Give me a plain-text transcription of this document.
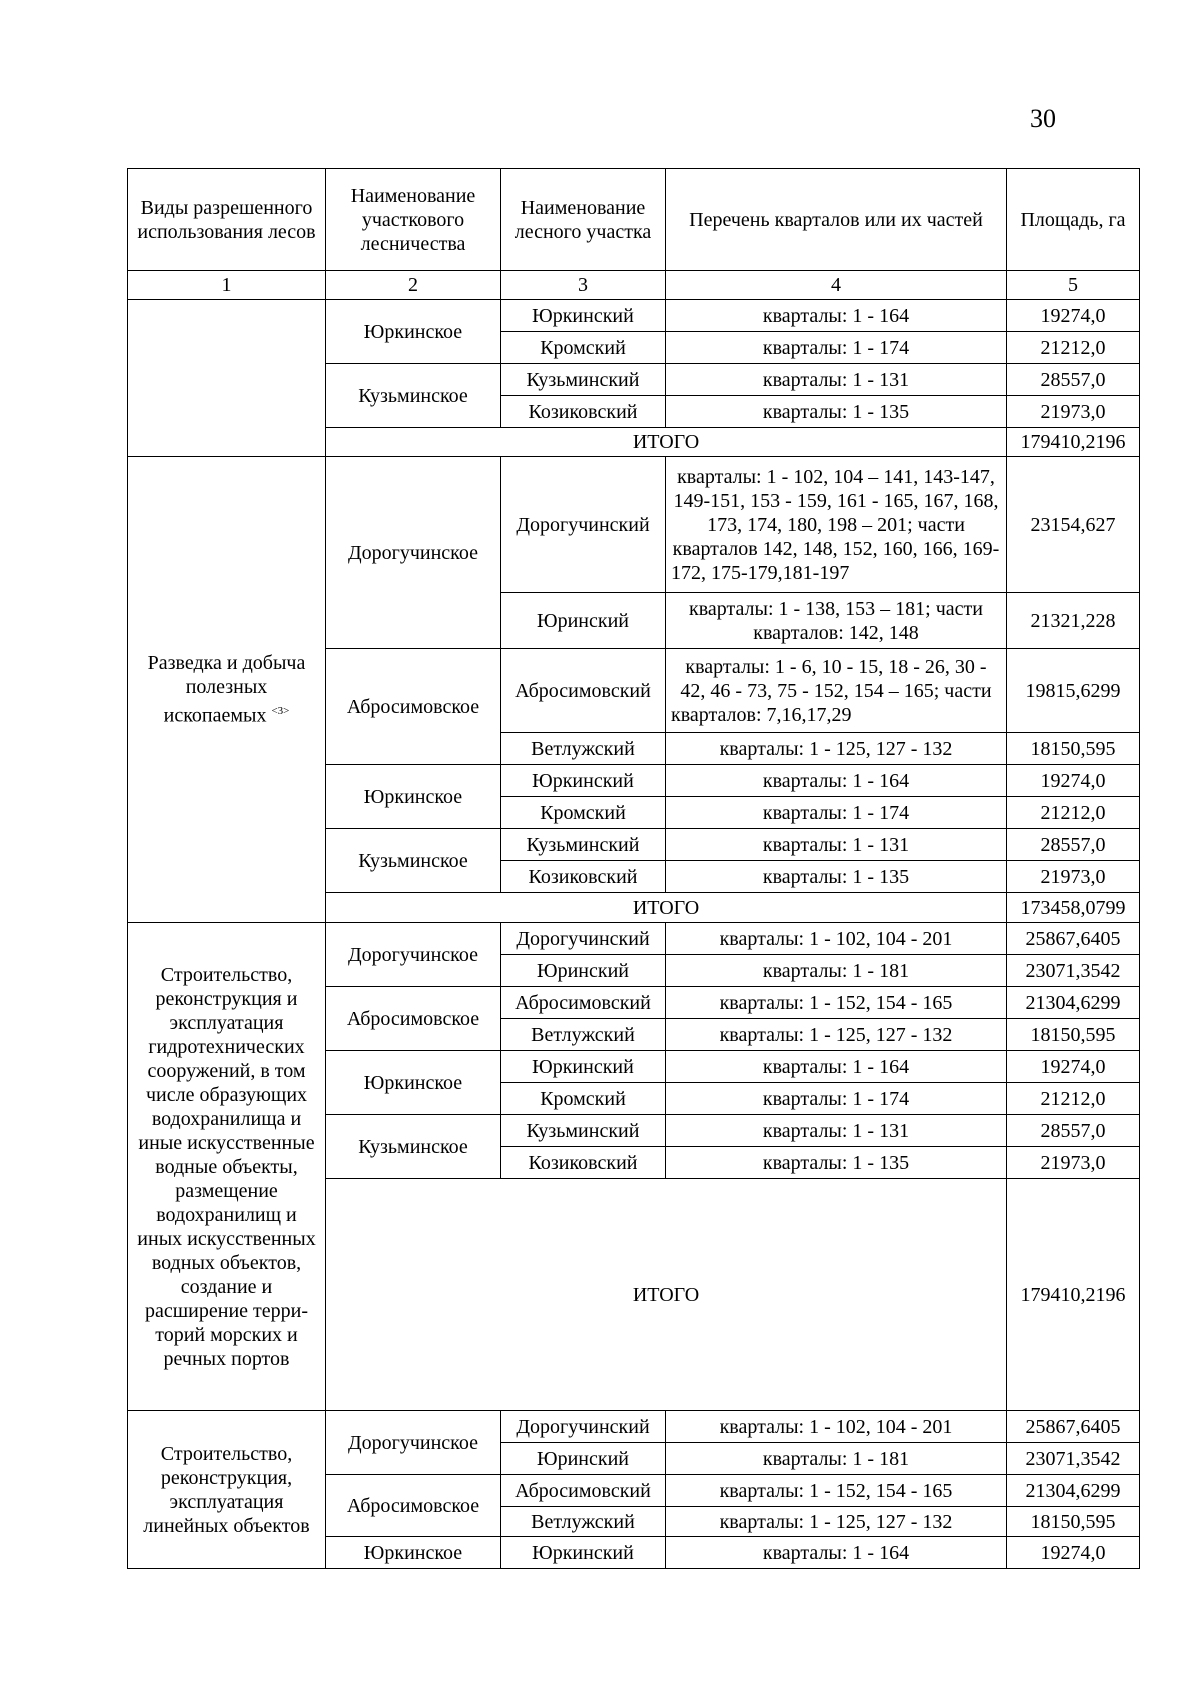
30
Виды разрешенного использования лесов	Наименование участкового лесничества	Наименование лесного участка	Перечень кварталов или их частей	Площадь, га
1	2	3	4	5
	Юркинское	Юркинский	кварталы: 1 - 164	19274,0
		Кромский	кварталы: 1 - 174	21212,0
	Кузьминское	Кузьминский	кварталы: 1 - 131	28557,0
		Козиковский	кварталы: 1 - 135	21973,0
	ИТОГО			179410,2196
Разведка и добыча полезных ископаемых $^{<3>}$	Дорогучинское	Дорогучинский	кварталы: 1 - 102, 104 – 141, 143-147, 149-151, 153 - 159, 161 - 165, 167, 168, 173, 174, 180, 198 – 201; части кварталов 142, 148, 152, 160, 166, 169-172, 175-179,181-197	23154,627
		Юринский	кварталы: 1 - 138, 153 – 181; части кварталов: 142, 148	21321,228
	Абросимовское	Абросимовский	кварталы: 1 - 6, 10 - 15, 18 - 26, 30 - 42, 46 - 73, 75 - 152, 154 – 165; части кварталов: 7,16,17,29	19815,6299
		Ветлужский	кварталы: 1 - 125, 127 - 132	18150,595
	Юркинское	Юркинский	кварталы: 1 - 164	19274,0
		Кромский	кварталы: 1 - 174	21212,0
	Кузьминское	Кузьминский	кварталы: 1 - 131	28557,0
		Козиковский	кварталы: 1 - 135	21973,0
	ИТОГО			173458,0799
Строительство, реконструкция и эксплуатация гидротехнических сооружений, в том числе образующих водохранилища и иные искусственные водные объекты, размещение водохранилищ и иных искусственных водных объектов, создание и расширение терри-торий морских и речных портов	Дорогучинское	Дорогучинский	кварталы: 1 - 102, 104 - 201	25867,6405
		Юринский	кварталы: 1 - 181	23071,3542
	Абросимовское	Абросимовский	кварталы: 1 - 152, 154 - 165	21304,6299
		Ветлужский	кварталы: 1 - 125, 127 - 132	18150,595
	Юркинское	Юркинский	кварталы: 1 - 164	19274,0
		Кромский	кварталы: 1 - 174	21212,0
	Кузьминское	Кузьминский	кварталы: 1 - 131	28557,0
		Козиковский	кварталы: 1 - 135	21973,0
	ИТОГО			179410,2196
Строительство, реконструкция, эксплуатация линейных объектов	Дорогучинское	Дорогучинский	кварталы: 1 - 102, 104 - 201	25867,6405
		Юринский	кварталы: 1 - 181	23071,3542
	Абросимовское	Абросимовский	кварталы: 1 - 152, 154 - 165	21304,6299
		Ветлужский	кварталы: 1 - 125, 127 - 132	18150,595
	Юркинское	Юркинский	кварталы: 1 - 164	19274,0
